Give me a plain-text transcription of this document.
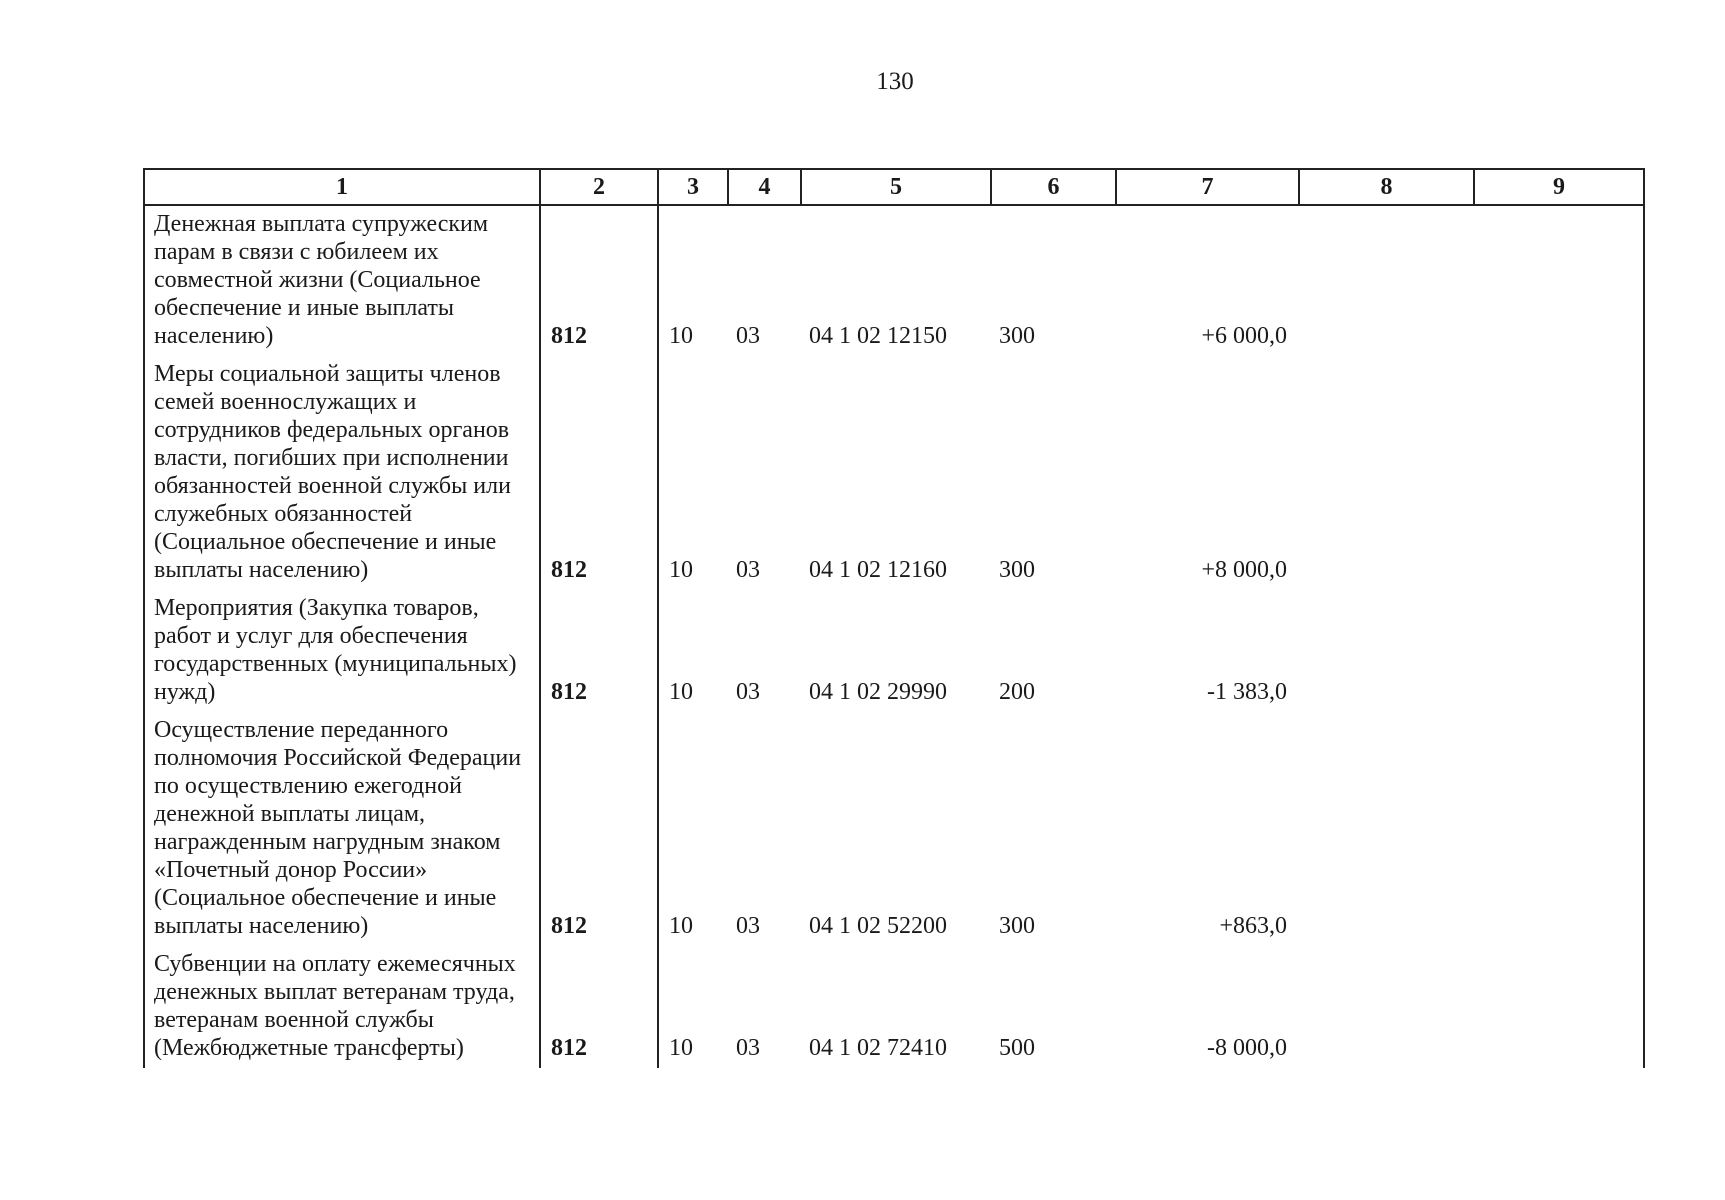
130
1	2	3	4	5	6	7	8	9
Денежная выплата супружеским парам в связи с юбилеем их совместной жизни (Социальное обеспечение и иные выплаты населению)	812	10	03	04 1 02 12150	300	+6 000,0		
Меры социальной защиты членов семей военнослужащих и сотрудников федеральных органов власти, погибших при исполнении обязанностей военной службы или служебных обязанностей (Социальное обеспечение и иные выплаты населению)	812	10	03	04 1 02 12160	300	+8 000,0		
Мероприятия (Закупка товаров, работ и услуг для обеспечения государственных (муниципальных) нужд)	812	10	03	04 1 02 29990	200	-1 383,0		
Осуществление переданного полномочия Российской Федерации по осуществлению ежегодной денежной выплаты лицам, награжденным нагрудным знаком «Почетный донор России» (Социальное обеспечение и иные выплаты населению)	812	10	03	04 1 02 52200	300	+863,0		
Субвенции на оплату ежемесячных денежных выплат ветеранам труда, ветеранам военной службы (Межбюджетные трансферты)	812	10	03	04 1 02 72410	500	-8 000,0		
